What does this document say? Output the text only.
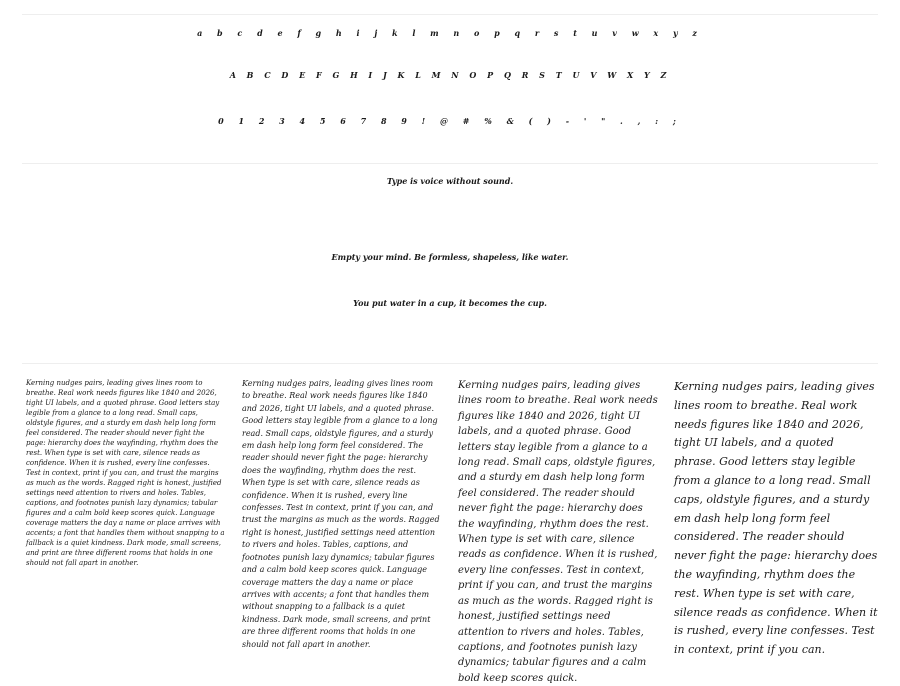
a b c d e f g h i j k l m n o p q r s t u v w x y z
A B C D E F G H I J K L M N O P Q R S T U V W X Y Z
0 1 2 3 4 5 6 7 8 9 ! @ # % & ( ) - ' " . , : ;
Type is voice without sound.
Empty your mind. Be formless, shapeless, like water.
You put water in a cup, it becomes the cup.

Kerning nudges pairs, leading gives lines room to breathe. Real work needs figures like 1840 and 2026, tight UI labels, and a quoted phrase. Good letters stay legible from a glance to a long read. Small caps, oldstyle figures, and a sturdy em dash help long form feel considered. The reader should never fight the page: hierarchy does the wayfinding, rhythm does the rest. When type is set with care, silence reads as confidence. When it is rushed, every line confesses. Test in context, print if you can, and trust the margins as much as the words. Ragged right is honest, justified settings need attention to rivers and holes. Tables, captions, and footnotes punish lazy dynamics; tabular figures and a calm bold keep scores quick. Language coverage matters the day a name or place arrives with accents; a font that handles them without snapping to a fallback is a quiet kindness. Dark mode, small screens, and print are three different rooms that holds in one should not fall apart in another.

Kerning nudges pairs, leading gives lines room to breathe. Real work needs figures like 1840 and 2026, tight UI labels, and a quoted phrase. Good letters stay legible from a glance to a long read. Small caps, oldstyle figures, and a sturdy em dash help long form feel considered. The reader should never fight the page: hierarchy does the wayfinding, rhythm does the rest. When type is set with care, silence reads as confidence. When it is rushed, every line confesses. Test in context, print if you can, and trust the margins as much as the words. Ragged right is honest, justified settings need attention to rivers and holes. Tables, captions, and footnotes punish lazy dynamics; tabular figures and a calm bold keep scores quick. Language coverage matters the day a name or place arrives with accents; a font that handles them without snapping to a fallback is a quiet kindness. Dark mode, small screens, and print are three different rooms that holds in one should not fall apart in another.

Kerning nudges pairs, leading gives lines room to breathe. Real work needs figures like 1840 and 2026, tight UI labels, and a quoted phrase. Good letters stay legible from a glance to a long read. Small caps, oldstyle figures, and a sturdy em dash help long form feel considered. The reader should never fight the page: hierarchy does the wayfinding, rhythm does the rest. When type is set with care, silence reads as confidence. When it is rushed, every line confesses. Test in context, print if you can, and trust the margins as much as the words. Ragged right is honest, justified settings need attention to rivers and holes. Tables, captions, and footnotes punish lazy dynamics; tabular figures and a calm bold keep scores quick.

Kerning nudges pairs, leading gives lines room to breathe. Real work needs figures like 1840 and 2026, tight UI labels, and a quoted phrase. Good letters stay legible from a glance to a long read. Small caps, oldstyle figures, and a sturdy em dash help long form feel considered. The reader should never fight the page: hierarchy does the wayfinding, rhythm does the rest. When type is set with care, silence reads as confidence. When it is rushed, every line confesses. Test in context, print if you can.
